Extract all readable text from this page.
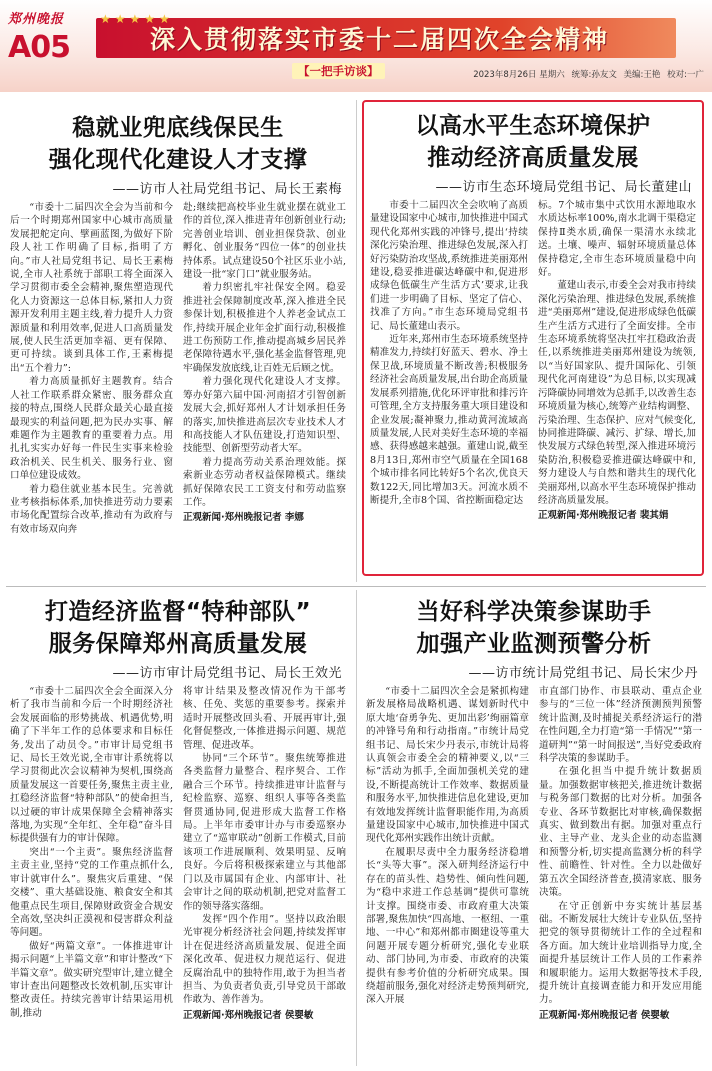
郑州晚报
A05
★★★★★
深入贯彻落实市委十二届四次全会精神
【一把手访谈】	2023年8月26日 星期六 统筹:孙友文 美编:王艳 校对:一广
稳就业兜底线保民生
强化现代化建设人才支撑
——访市人社局党组书记、局长王素梅

“市委十二届四次全会为当前和今后一个时期郑州国家中心城市高质量发展把舵定向、擘画蓝图,为做好下阶段人社工作明确了目标,指明了方向。”市人社局党组书记、局长王素梅说,全市人社系统于部职工将全面深入学习贯彻市委全会精神,聚焦塑造现代化人力资源这一总体目标,紧扣人力资源开发利用主题主线,着力提升人力资源质量和利用效率,促进人口高质量发展,使人民生活更加幸福、更有保障、更可持续。谈到具体工作,王素梅提出“五个着力”:

着力高质量抓好主题教育。结合人社工作联系群众紧密、服务群众直接的特点,围绕人民群众最关心最直接最现实的利益问题,把为民办实事、解难题作为主题教育的重要着力点。用扎扎实实办好每一件民生实事来检验政治机关、民生机关、服务行业、窗口单位建设成效。

着力稳住就业基本民生。完善就业考核指标体系,加快推进劳动力要素市场化配置综合改革,推动有为政府与有效市场双向奔

赴;继续把高校毕业生就业摆在就业工作的首位,深入推进青年创新创业行动;完善创业培训、创业担保贷款、创业孵化、创业服务“四位一体”的创业扶持体系。试点建设50个社区乐业小站,建设一批“家门口”就业服务站。

着力织密扎牢社保安全网。稳妥推进社会保障制度改革,深入推进全民参保计划,积极推进个人养老金试点工作,持续开展企业年金扩面行动,积极推进工伤预防工作,推动提高城乡居民养老保障待遇水平,强化基金监督管理,兜牢确保发放底线,让百姓无后顾之忧。

着力强化现代化建设人才支撑。筹办好第六届中国·河南招才引智创新发展大会,抓好郑州人才计划承担任务的落实,加快推进高层次专业技术人才和高技能人才队伍建设,打造知识型、技能型、创新型劳动者大军。

着力提高劳动关系治理效能。探索新业态劳动者权益保障模式。继续抓好保障农民工工资支付和劳动监察工作。

正观新闻·郑州晚报记者 李娜
以高水平生态环境保护
推动经济高质量发展
——访市生态环境局党组书记、局长董建山

市委十二届四次全会吹响了高质量建设国家中心城市,加快推进中国式现代化郑州实践的冲锋号,提出‘持续深化污染治理、推进绿色发展,深入打好污染防治攻坚战,系统推进美丽郑州建设,稳妥推进碳达峰碳中和,促进形成绿色低碳生产生活方式’要求,让我们进一步明确了目标、坚定了信心、找准了方向。”市生态环境局党组书记、局长董建山表示。

近年来,郑州市生态环境系统坚持精准发力,持续打好蓝天、碧水、净土保卫战,环境质量不断改善;积极服务经济社会高质量发展,出台助企高质量发展系列措施,优化环评审批和排污许可管理,全方支持服务重大项目建设和企业发展;凝神聚力,推动黄河流域高质量发展,人民对美好生态环境的幸福感、获得感越来越强。董建山说,截至8月13日,郑州市空气质量在全国168个城市排名同比转好5个名次,优良天数122天,同比增加3天。河流水质不断提升,全市8个国、省控断面稳定达

标。7个城市集中式饮用水源地取水水质达标率100%,南水北调干渠稳定保持Ⅱ类水质,确保一渠清水永续北送。土壤、噪声、辐射环境质量总体保持稳定,全市生态环境质量稳中向好。

董建山表示,市委全会对我市持续深化污染治理、推进绿色发展,系统推进“美丽郑州”建设,促进形成绿色低碳生产生活方式进行了全面安排。全市生态环境系统将坚决扛牢扛稳政治责任,以系统推进美丽郑州建设为统领,以“当好国家队、提升国际化、引领现代化河南建设”为总目标,以实现减污降碳协同增效为总抓手,以改善生态环境质量为核心,统筹产业结构调整、污染治理、生态保护、应对气候变化,协同推进降碳、减污、扩绿、增长,加快发展方式绿色转型,深入推进环境污染防治,积极稳妥推进碳达峰碳中和,努力建设人与自然和谐共生的现代化美丽郑州,以高水平生态环境保护推动经济高质量发展。

正观新闻·郑州晚报记者 裴其娟
打造经济监督“特种部队”
服务保障郑州高质量发展
——访市审计局党组书记、局长王效光

“市委十二届四次全会全面深入分析了我市当前和今后一个时期经济社会发展面临的形势挑战、机遇优势,明确了下半年工作的总体要求和目标任务,发出了动员令。”市审计局党组书记、局长王效光说,全市审计系统将以学习贯彻此次会议精神为契机,围绕高质量发展这一首要任务,聚焦主责主业,扛稳经济监督“特种部队”的使命担当,以过硬的审计成果保障全会精神落实落地,为实现“全年红、全年稳”奋斗目标提供强有力的审计保障。

突出“一个主责”。聚焦经济监督主责主业,坚持“党的工作重点抓什么,审计就审什么”。聚焦灾后重建、“保交楼”、重大基础设施、粮食安全和其他重点民生项目,保障财政资金合规安全高效,坚决纠正漠视和侵害群众利益等问题。

做好“两篇文章”。一体推进审计揭示问题“上半篇文章”和审计整改“下半篇文章”。做实研究型审计,建立健全审计查出问题整改长效机制,压实审计整改责任。持续完善审计结果运用机制,推动

将审计结果及整改情况作为干部考核、任免、奖惩的重要参考。探索并适时开展整改回头看、开展再审计,强化督促整改,一体推进揭示问题、规范管理、促进改革。

协同“三个环节”。聚焦统筹推进各类监督力量整合、程序契合、工作融合三个环节。持续推进审计监督与纪检监察、巡察、组织人事等各类监督贯通协同,促进形成大监督工作格局。上半年市委审计办与市委巡察办建立了“巡审联动”创新工作模式,目前该项工作进展顺利、效果明显、反响良好。今后将积极探索建立与其他部门以及市属国有企业、内部审计、社会审计之间的联动机制,把党对监督工作的领导落实落细。

发挥“四个作用”。坚持以政治眼光审视分析经济社会问题,持续发挥审计在促进经济高质量发展、促进全面深化改革、促进权力规范运行、促进反腐治乱中的独特作用,敢于为担当者担当、为负责者负责,引导党员干部敢作敢为、善作善为。

正观新闻·郑州晚报记者 侯婴敏
当好科学决策参谋助手
加强产业监测预警分析
——访市统计局党组书记、局长宋少丹

“市委十二届四次全会是紧抓构建新发展格局战略机遇、谋划新时代中原大地‘奋勇争先、更加出彩’绚丽篇章的冲锋号角和行动指南。”市统计局党组书记、局长宋少丹表示,市统计局将认真领会市委全会的精神要义,以“三标”活动为抓手,全面加强机关党的建设,不断提高统计工作效率、数据质量和服务水平,加快推进信息化建设,更加有效地发挥统计监督职能作用,为高质量建设国家中心城市,加快推进中国式现代化郑州实践作出统计贡献。

在履职尽责中全力服务经济稳增长“头等大事”。深入研判经济运行中存在的苗头性、趋势性、倾向性问题,为“稳中求进工作总基调”提供可靠统计支撑。围绕市委、市政府重大决策部署,聚焦加快“四高地、一枢纽、一重地、一中心”和郑州都市圈建设等重大问题开展专题分析研究,强化专业联动、部门协同,为市委、市政府的决策提供有参考价值的分析研究成果。围绕超前服务,强化对经济走势预判研究,深入开展

市直部门协作、市县联动、重点企业参与的“三位一体”经济预测预判预警统计监测,及时捕捉关系经济运行的潜在性问题,全力打造“第一手情况”“第一道研判”“第一时间报送”,当好党委政府科学决策的参谋助手。

在强化担当中提升统计数据质量。加强数据审核把关,推进统计数据与税务部门数据的比对分析。加强各专业、各环节数据比对审核,确保数据真实、做到数出有据。加强对重点行业、主导产业、龙头企业的动态监测和预警分析,切实提高监测分析的科学性、前瞻性、针对性。全力以赴做好第五次全国经济普查,摸清家底、服务决策。

在守正创新中夯实统计基层基础。不断发展壮大统计专业队伍,坚持把党的领导贯彻统计工作的全过程和各方面。加大统计业培训指导力度,全面提升基层统计工作人员的工作素养和履职能力。运用大数据等技术手段,提升统计直接调查能力和开发应用能力。

正观新闻·郑州晚报记者 侯婴敏
